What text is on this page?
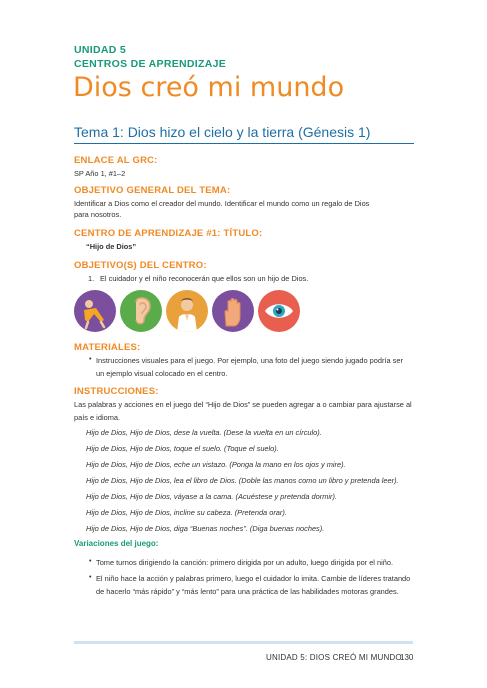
UNIDAD 5
CENTROS DE APRENDIZAJE
Dios creó mi mundo
Tema 1: Dios hizo el cielo y la tierra (Génesis 1)
ENLACE AL GRC:
SP Año 1, #1–2
OBJETIVO GENERAL DEL TEMA:
Identificar a Dios como el creador del mundo. Identificar el mundo como un regalo de Dios
para nosotros.
CENTRO DE APRENDIZAJE #1: TÍTULO:
“Hijo de Dios”
OBJETIVO(S) DEL CENTRO:
1. El cuidador y el niño reconocerán que ellos son un hijo de Dios.
MATERIALES:
• Instrucciones visuales para el juego. Por ejemplo, una foto del juego siendo jugado podría ser
un ejemplo visual colocado en el centro.
INSTRUCCIONES:
Las palabras y acciones en el juego del “Hijo de Dios” se pueden agregar a o cambiar para ajustarse al
país e idioma.
Hijo de Dios, Hijo de Dios, dese la vuelta. (Dese la vuelta en un círculo).
Hijo de Dios, Hijo de Dios, toque el suelo. (Toque el suelo).
Hijo de Dios, Hijo de Dios, eche un vistazo. (Ponga la mano en los ojos y mire).
Hijo de Dios, Hijo de Dios, lea el libro de Dios. (Doble las manos como un libro y pretenda leer).
Hijo de Dios, Hijo de Dios, váyase a la cama. (Acuéstese y pretenda dormir).
Hijo de Dios, Hijo de Dios, incline su cabeza. (Pretenda orar).
Hijo de Dios, Hijo de Dios, diga “Buenas noches”. (Diga buenas noches).
Variaciones del juego:
• Tome turnos dirigiendo la canción: primero dirigida por un adulto, luego dirigida por el niño.
• El niño hace la acción y palabras primero, luego el cuidador lo imita. Cambie de líderes tratando
de hacerlo “más rápido” y “más lento” para una práctica de las habilidades motoras grandes.
UNIDAD 5: DIOS CREÓ MI MUNDO
130
